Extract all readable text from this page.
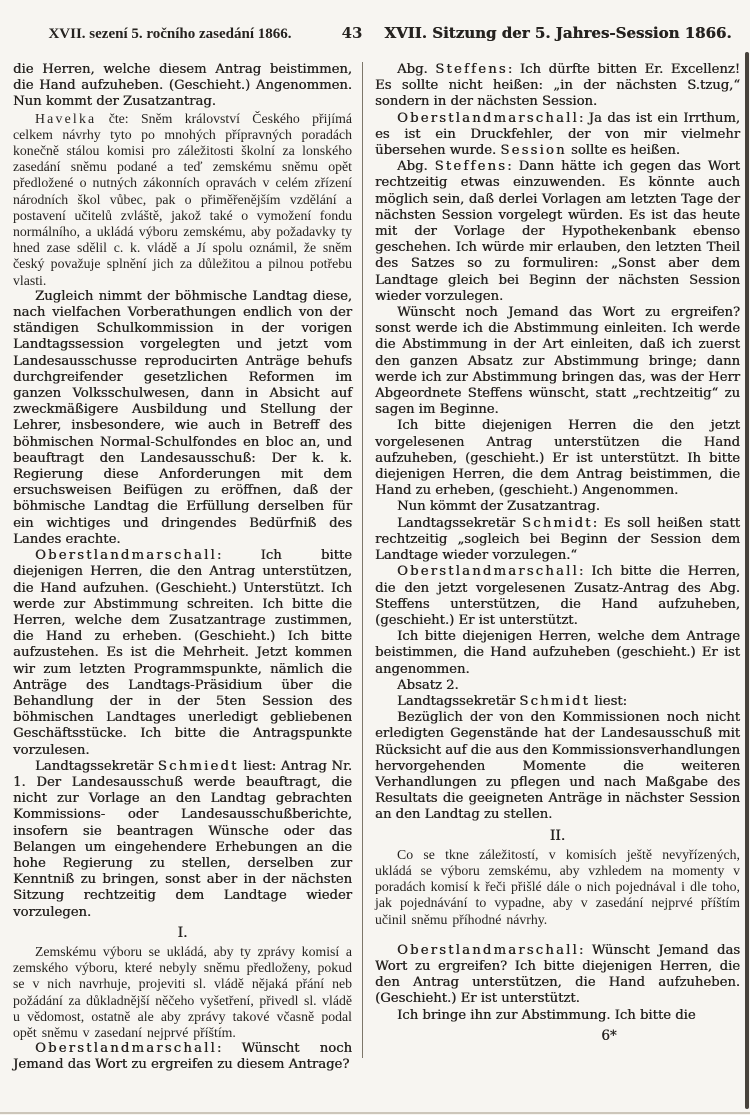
XVII. sezení 5. ročního zasedání 1866.	43	XVII. Sitzung der 5. Jahres-Session 1866.

die Herren, welche diesem Antrag beistimmen, die Hand aufzuheben. (Geschieht.) Angenommen. Nun kommt der Zusatzantrag.

Havelka čte: Sněm království Českého přijímá celkem návrhy tyto po mnohých přípravných poradách konečně stálou komisi pro záležitosti školní za lonského zasedání sněmu podané a teď zemskému sněmu opět předložené o nutných zákonních opravách v celém zřízení národních škol vůbec, pak o přiměřenějším vzdělání a postavení učitelů zvláště, jakož také o vymožení fondu normálního, a ukládá výboru zemskému, aby požadavky ty hned zase sdělil c. k. vládě a Jí spolu oznámil, že sněm český považuje splnění jich za důležitou a pilnou potřebu vlasti.

Zugleich nimmt der böhmische Landtag diese, nach vielfachen Vorberathungen endlich von der ständigen Schulkommission in der vorigen Landtagssession vorgelegten und jetzt vom Landesausschusse reproducirten Anträge behufs durchgreifender gesetzlichen Reformen im ganzen Volksschulwesen, dann in Absicht auf zweckmäßigere Ausbildung und Stellung der Lehrer, insbesondere, wie auch in Betreff des böhmischen Normal-Schulfondes en bloc an, und beauftragt den Landesausschuß: Der k. k. Regierung diese Anforderungen mit dem ersuchsweisen Beifügen zu eröffnen, daß der böhmische Landtag die Erfüllung derselben für ein wichtiges und dringendes Bedürfniß des Landes erachte.

Oberstlandmarschall: Ich bitte diejenigen Herren, die den Antrag unterstützen, die Hand aufzuhen. (Geschieht.) Unterstützt. Ich werde zur Abstimmung schreiten. Ich bitte die Herren, welche dem Zusatzantrage zustimmen, die Hand zu erheben. (Geschieht.) Ich bitte aufzustehen. Es ist die Mehrheit. Jetzt kommen wir zum letzten Programmspunkte, nämlich die Anträge des Landtags-Präsidium über die Behandlung der in der 5ten Session des böhmischen Landtages unerledigt gebliebenen Geschäftsstücke. Ich bitte die Antragspunkte vorzulesen.

Landtagssekretär Schmiedt liest: Antrag Nr. 1. Der Landesausschuß werde beauftragt, die nicht zur Vorlage an den Landtag gebrachten Kommissions- oder Landesausschußberichte, insofern sie beantragen Wünsche oder das Belangen um eingehendere Erhebungen an die hohe Regierung zu stellen, derselben zur Kenntniß zu bringen, sonst aber in der nächsten Sitzung rechtzeitig dem Landtage wieder vorzulegen.

I.

Zemskému výboru se ukládá, aby ty zprávy komisí a zemského výboru, které nebyly sněmu předloženy, pokud se v nich navrhuje, projeviti sl. vládě nějaká přání neb požádání za důkladnější něčeho vyšetření, přivedl sl. vládě u vědomost, ostatně ale aby zprávy takové včasně podal opět sněmu v zasedaní nejprvé příštím.

Oberstlandmarschall: Wünscht noch Jemand das Wort zu ergreifen zu diesem Antrage?

Abg. Steffens: Ich dürfte bitten Er. Excellenz! Es sollte nicht heißen: „in der nächsten S.tzug,“ sondern in der nächsten Session.

Oberstlandmarschall: Ja das ist ein Irrthum, es ist ein Druckfehler, der von mir vielmehr übersehen wurde. Session sollte es heißen.

Abg. Steffens: Dann hätte ich gegen das Wort rechtzeitig etwas einzuwenden. Es könnte auch möglich sein, daß derlei Vorlagen am letzten Tage der nächsten Session vorgelegt würden. Es ist das heute mit der Vorlage der Hypothekenbank ebenso geschehen. Ich würde mir erlauben, den letzten Theil des Satzes so zu formuliren: „Sonst aber dem Landtage gleich bei Beginn der nächsten Session wieder vorzulegen.

Wünscht noch Jemand das Wort zu ergreifen? sonst werde ich die Abstimmung einleiten. Ich werde die Abstimmung in der Art einleiten, daß ich zuerst den ganzen Absatz zur Abstimmung bringe; dann werde ich zur Abstimmung bringen das, was der Herr Abgeordnete Steffens wünscht, statt „rechtzeitig“ zu sagen im Beginne.

Ich bitte diejenigen Herren die den jetzt vorgelesenen Antrag unterstützen die Hand aufzuheben, (geschieht.) Er ist unterstützt. Ih bitte diejenigen Herren, die dem Antrag beistimmen, die Hand zu erheben, (geschieht.) Angenommen.

Nun kömmt der Zusatzantrag.

Landtagssekretär Schmidt: Es soll heißen statt rechtzeitig „sogleich bei Beginn der Session dem Landtage wieder vorzulegen.“

Oberstlandmarschall: Ich bitte die Herren, die den jetzt vorgelesenen Zusatz-Antrag des Abg. Steffens unterstützen, die Hand aufzuheben, (geschieht.) Er ist unterstützt.

Ich bitte diejenigen Herren, welche dem Antrage beistimmen, die Hand aufzuheben (geschieht.) Er ist angenommen.

Absatz 2.

Landtagssekretär Schmidt liest:

Bezüglich der von den Kommissionen noch nicht erledigten Gegenstände hat der Landesausschuß mit Rücksicht auf die aus den Kommissionsverhandlungen hervorgehenden Momente die weiteren Verhandlungen zu pflegen und nach Maßgabe des Resultats die geeigneten Anträge in nächster Session an den Landtag zu stellen.

II.

Co se tkne záležitostí, v komisích ještě nevyřízených, ukládá se výboru zemskému, aby vzhledem na momenty v poradách komisí k řeči přišlé dále o nich pojednával i dle toho, jak pojednávání to vypadne, aby v zasedání nejprvé příštím učinil sněmu příhodné návrhy.

Oberstlandmarschall: Wünscht Jemand das Wort zu ergreifen? Ich bitte diejenigen Herren, die den Antrag unterstützen, die Hand aufzuheben. (Geschieht.) Er ist unterstützt.

Ich bringe ihn zur Abstimmung. Ich bitte die

6*
